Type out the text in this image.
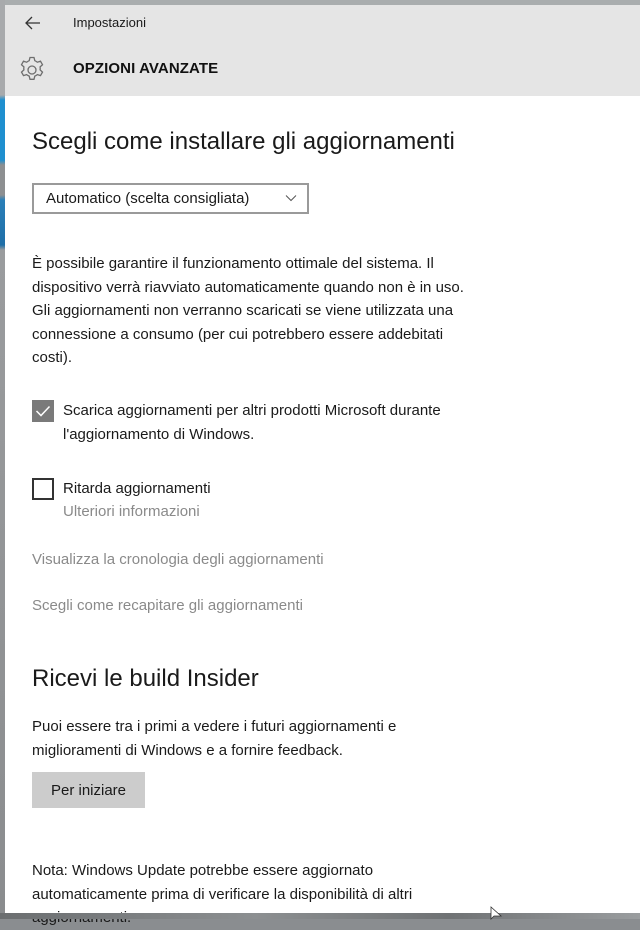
Impostazioni
OPZIONI AVANZATE
Scegli come installare gli aggiornamenti
Automatico (scelta consigliata)
È possibile garantire il funzionamento ottimale del sistema. Il
dispositivo verrà riavviato automaticamente quando non è in uso.
Gli aggiornamenti non verranno scaricati se viene utilizzata una
connessione a consumo (per cui potrebbero essere addebitati
costi).
Scarica aggiornamenti per altri prodotti Microsoft durante
l'aggiornamento di Windows.
Ritarda aggiornamenti
Ulteriori informazioni
Visualizza la cronologia degli aggiornamenti
Scegli come recapitare gli aggiornamenti
Ricevi le build Insider
Puoi essere tra i primi a vedere i futuri aggiornamenti e
miglioramenti di Windows e a fornire feedback.
Per iniziare
Nota: Windows Update potrebbe essere aggiornato
automaticamente prima di verificare la disponibilità di altri
